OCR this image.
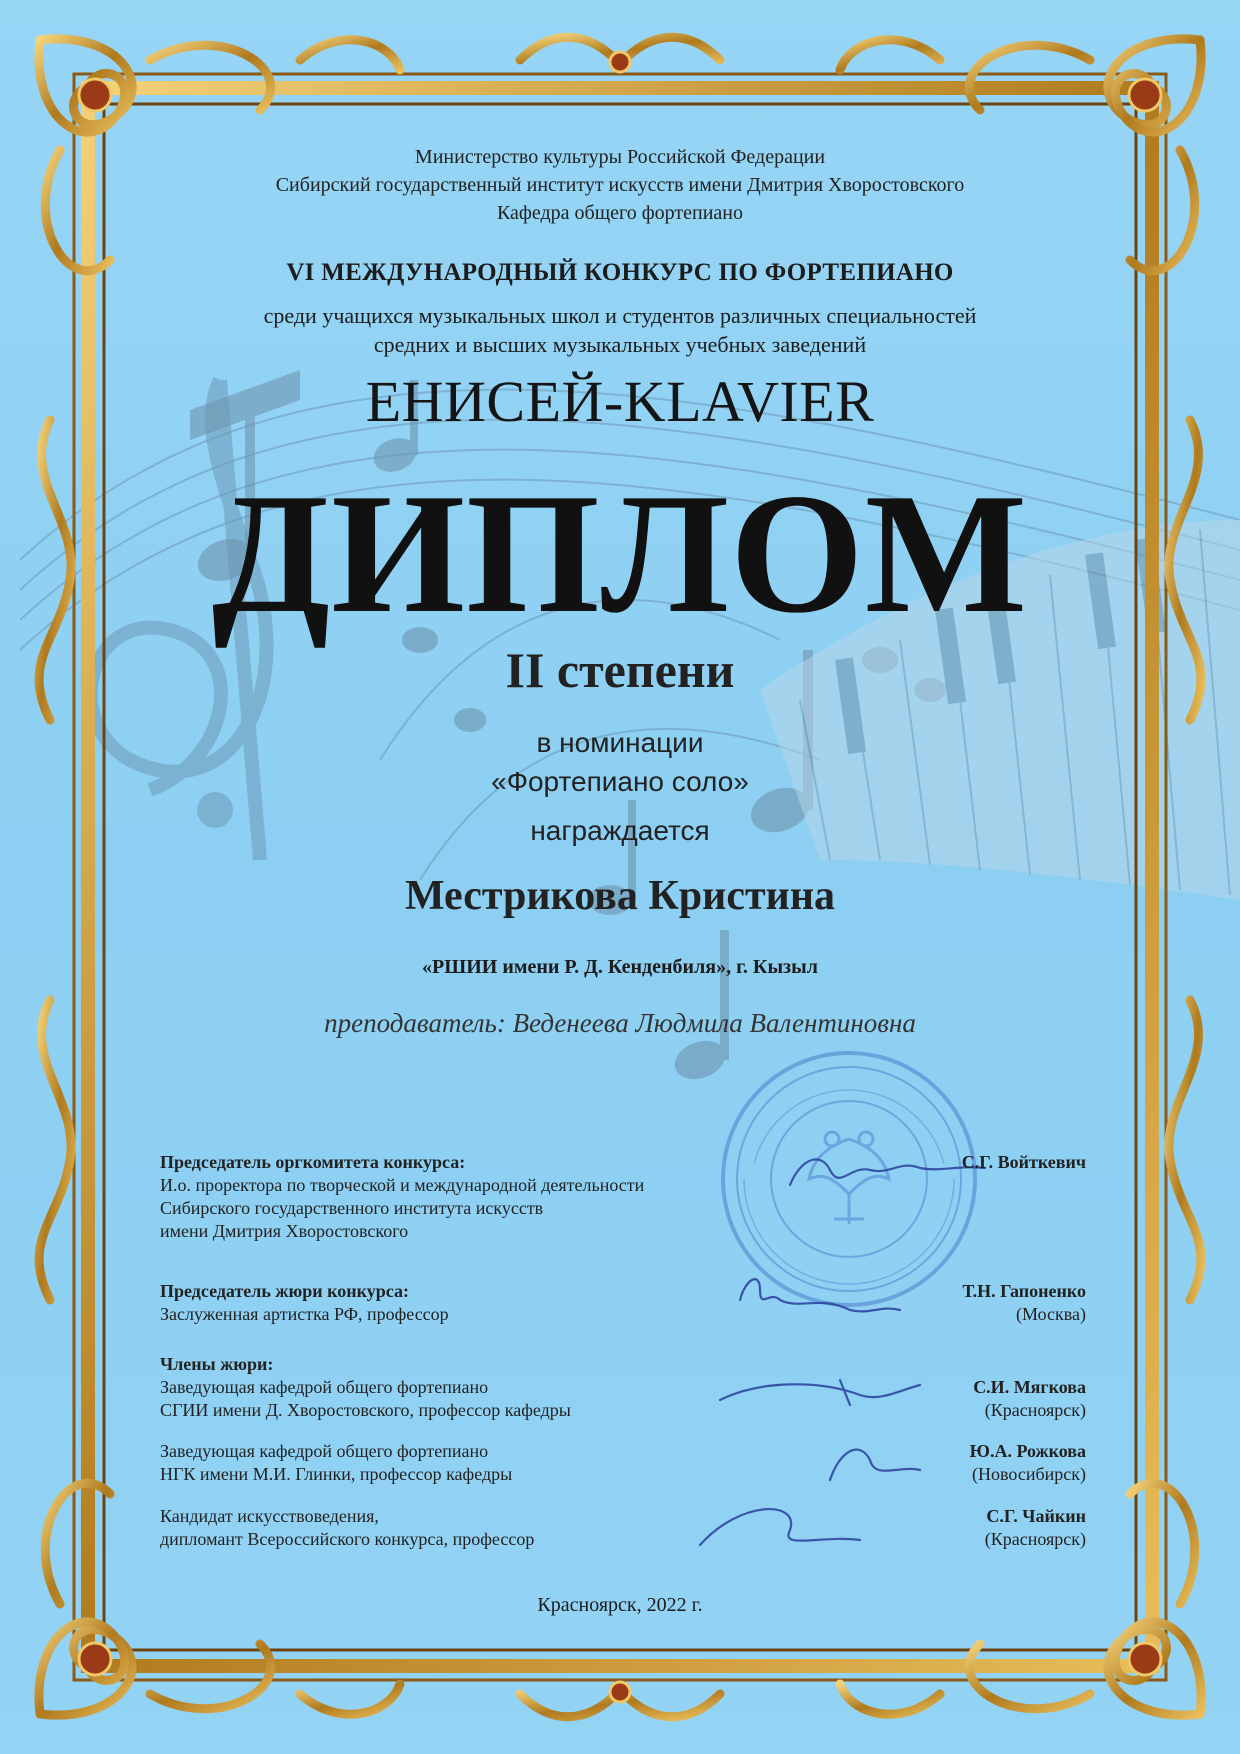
Министерство культуры Российской Федерации
Сибирский государственный институт искусств имени Дмитрия Хворостовского
Кафедра общего фортепиано
VI МЕЖДУНАРОДНЫЙ КОНКУРС ПО ФОРТЕПИАНО
среди учащихся музыкальных школ и студентов различных специальностей
средних и высших музыкальных учебных заведений
ЕНИСЕЙ-KLAVIER
ДИПЛОМ
II степени
в номинации
«Фортепиано соло»
награждается
Местрикова Кристина
«РШИИ имени Р. Д. Кенденбиля», г. Кызыл
преподаватель: Веденеева Людмила Валентиновна
Председатель оргкомитета конкурса:
И.о. проректора по творческой и международной деятельности
Сибирского государственного института искусств
имени Дмитрия Хворостовского
С.Г. Войткевич
Председатель жюри конкурса:
Заслуженная артистка РФ, профессор
Т.Н. Гапоненко
(Москва)
Члены жюри:
Заведующая кафедрой общего фортепиано
СГИИ имени Д. Хворостовского, профессор кафедры
С.И. Мягкова
(Красноярск)
Заведующая кафедрой общего фортепиано
НГК имени М.И. Глинки, профессор кафедры
Ю.А. Рожкова
(Новосибирск)
Кандидат искусствоведения,
дипломант Всероссийского конкурса, профессор
С.Г. Чайкин
(Красноярск)
Красноярск, 2022 г.
